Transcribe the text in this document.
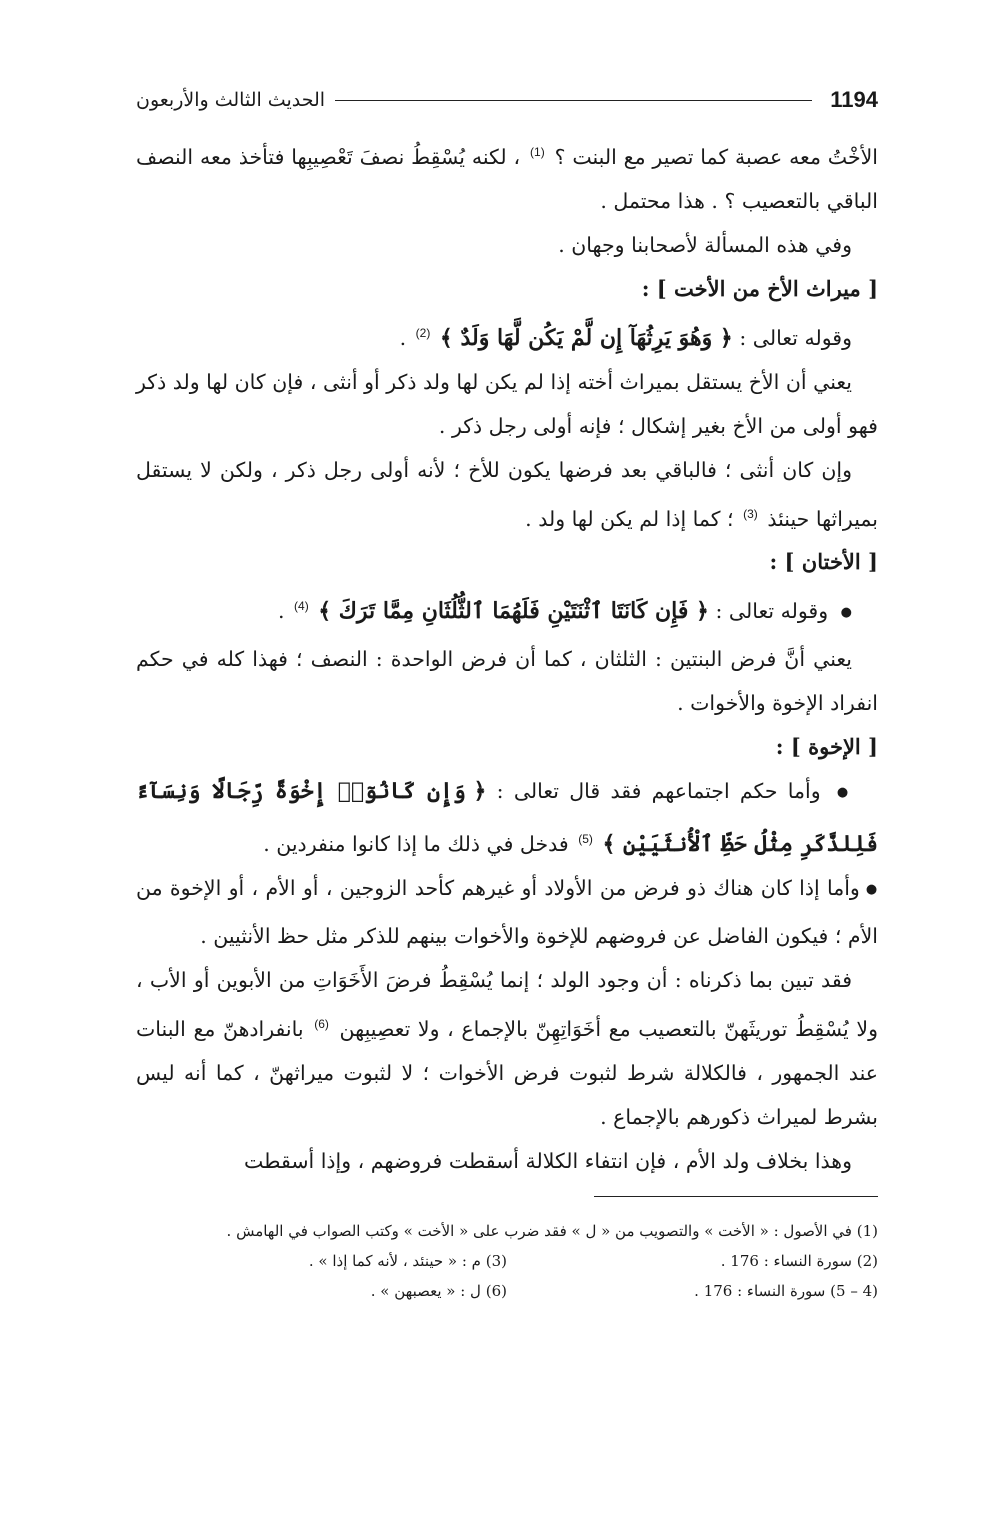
1194
الحديث الثالث والأربعون

الأخْتُ معه عصبة كما تصير مع البنت ؟ $^{(1)}$ ، لكنه يُسْقِطُ نصفَ تَعْصِيبِها فتأخذ معه النصف الباقي بالتعصيب ؟ . هذا محتمل .

وفي هذه المسألة لأصحابنا وجهان .

[ ميراث الأخ من الأخت ] :

وقوله تعالى : ﴿ وَهُوَ يَرِثُهَآ إِن لَّمْ يَكُن لَّهَا وَلَدٌ ﴾ $^{(2)}$ .

يعني أن الأخ يستقل بميراث أخته إذا لم يكن لها ولد ذكر أو أنثى ، فإن كان لها ولد ذكر فهو أولى من الأخ بغير إشكال ؛ فإنه أولى رجل ذكر .

وإن كان أنثى ؛ فالباقي بعد فرضها يكون للأخ ؛ لأنه أولى رجل ذكر ، ولكن لا يستقل بميراثها حينئذ $^{(3)}$ ؛ كما إذا لم يكن لها ولد .

[ الأختان ] :

● وقوله تعالى : ﴿ فَإِن كَانَتَا ٱثْنَتَيْنِ فَلَهُمَا ٱلثُّلُثَانِ مِمَّا تَرَكَ ﴾ $^{(4)}$ .

يعني أنَّ فرض البنتين : الثلثان ، كما أن فرض الواحدة : النصف ؛ فهذا كله في حكم انفراد الإخوة والأخوات .

[ الإخوة ] :

● وأما حكم اجتماعهم فقد قال تعالى : ﴿ وَإِن كَانُوٓا۟ إِخْوَةً رِّجَالًا وَنِسَآءً فَلِلذَّكَرِ مِثْلُ حَظِّ ٱلْأُنثَيَيْنِ ﴾ $^{(5)}$ فدخل في ذلك ما إذا كانوا منفردين .

● وأما إذا كان هناك ذو فرض من الأولاد أو غيرهم كأحد الزوجين ، أو الأم ، أو الإخوة من الأم ؛ فيكون الفاضل عن فروضهم للإخوة والأخوات بينهم للذكر مثل حظ الأنثيين .

فقد تبين بما ذكرناه : أن وجود الولد ؛ إنما يُسْقِطُ فرضَ الأَخَوَاتِ من الأبوين أو الأب ، ولا يُسْقِطُ توريثَهنّ بالتعصيب مع أخَوَاتِهِنّ بالإجماع ، ولا تعصِيبِهن $^{(6)}$ بانفرادهنّ مع البنات عند الجمهور ، فالكلالة شرط لثبوت فرض الأخوات ؛ لا لثبوت ميراثهنّ ، كما أنه ليس بشرط لميراث ذكورهم بالإجماع .

وهذا بخلاف ولد الأم ، فإن انتفاء الكلالة أسقطت فروضهم ، وإذا أسقطت

(1) في الأصول : « الأخت » والتصويب من « ل » فقد ضرب على « الأخت » وكتب الصواب في الهامش .

(2) سورة النساء : 176 .
(3) م : « حينئد ، لأنه كما إذا » .
(4 – 5) سورة النساء : 176 .
(6) ل : « يعصبهن » .
